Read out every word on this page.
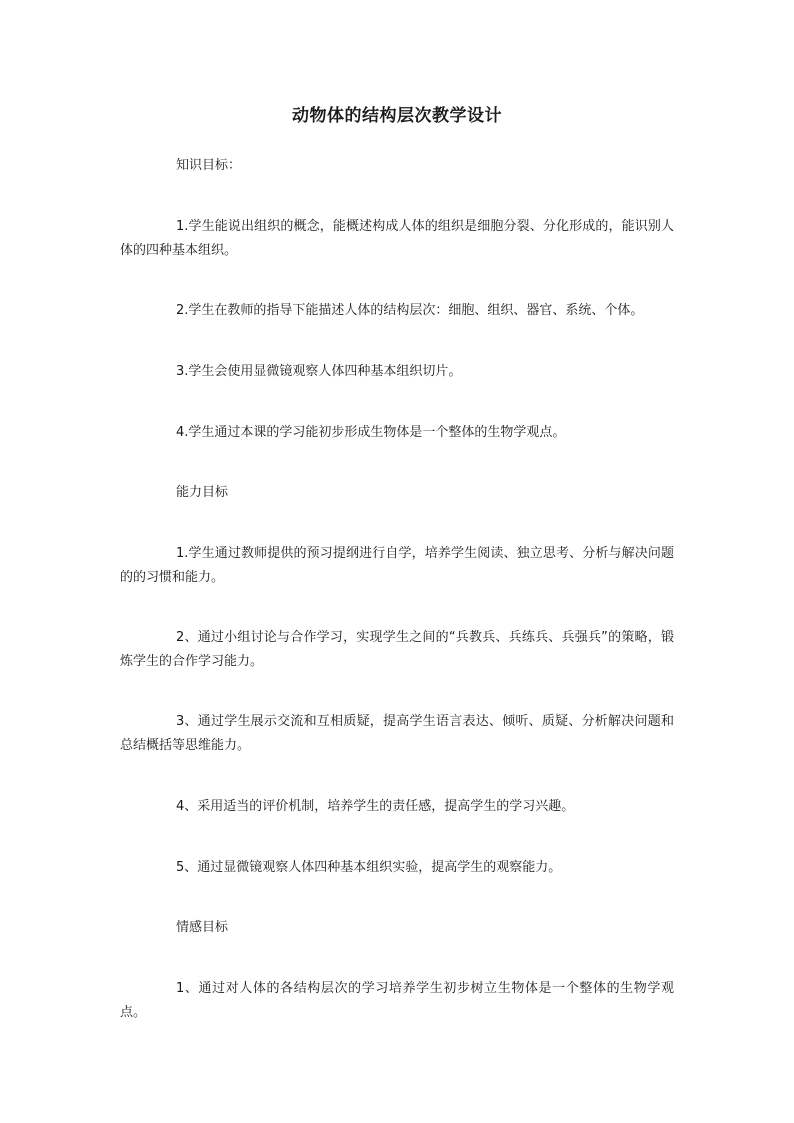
动物体的结构层次教学设计
知识目标：
1.学生能说出组织的概念，能概述构成人体的组织是细胞分裂、分化形成的，能识别人体的四种基本组织。
2.学生在教师的指导下能描述人体的结构层次：细胞、组织、器官、系统、个体。
3.学生会使用显微镜观察人体四种基本组织切片。
4.学生通过本课的学习能初步形成生物体是一个整体的生物学观点。
能力目标
1.学生通过教师提供的预习提纲进行自学，培养学生阅读、独立思考、分析与解决问题的的习惯和能力。
2、通过小组讨论与合作学习，实现学生之间的“兵教兵、兵练兵、兵强兵”的策略，锻炼学生的合作学习能力。
3、通过学生展示交流和互相质疑，提高学生语言表达、倾听、质疑、分析解决问题和总结概括等思维能力。
4、采用适当的评价机制，培养学生的责任感，提高学生的学习兴趣。
5、通过显微镜观察人体四种基本组织实验，提高学生的观察能力。
情感目标
1、通过对人体的各结构层次的学习培养学生初步树立生物体是一个整体的生物学观点。
